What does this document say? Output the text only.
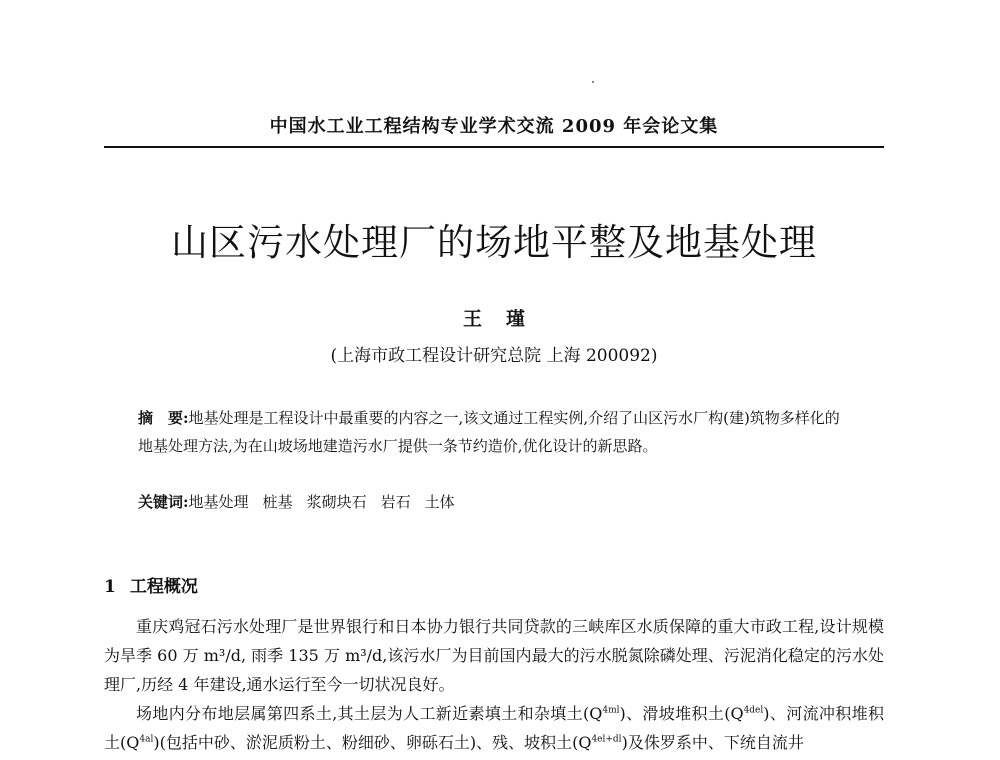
中国水工业工程结构专业学术交流 2009 年会论文集
山区污水处理厂的场地平整及地基处理
王瑾
(上海市政工程设计研究总院 上海 200092)

摘　要:地基处理是工程设计中最重要的内容之一,该文通过工程实例,介绍了山区污水厂构(建)筑物多样化的地基处理方法,为在山坡场地建造污水厂提供一条节约造价,优化设计的新思路。

关键词:地基处理 桩基 浆砌块石 岩石 土体
1 工程概况

重庆鸡冠石污水处理厂是世界银行和日本协力银行共同贷款的三峡库区水质保障的重大市政工程,设计规模为旱季 60 万 m³/d, 雨季 135 万 m³/d,该污水厂为目前国内最大的污水脱氮除磷处理、污泥消化稳定的污水处理厂,历经 4 年建设,通水运行至今一切状况良好。

场地内分布地层属第四系土,其土层为人工新近素填土和杂填土$(Q^{4ml})$、滑坡堆积土$(Q^{4del})$、河流冲积堆积土$(Q^{4al})$(包括中砂、淤泥质粉土、粉细砂、卵砾石土)、残、坡积土$(Q^{4el+dl})$及侏罗系中、下统自流井
